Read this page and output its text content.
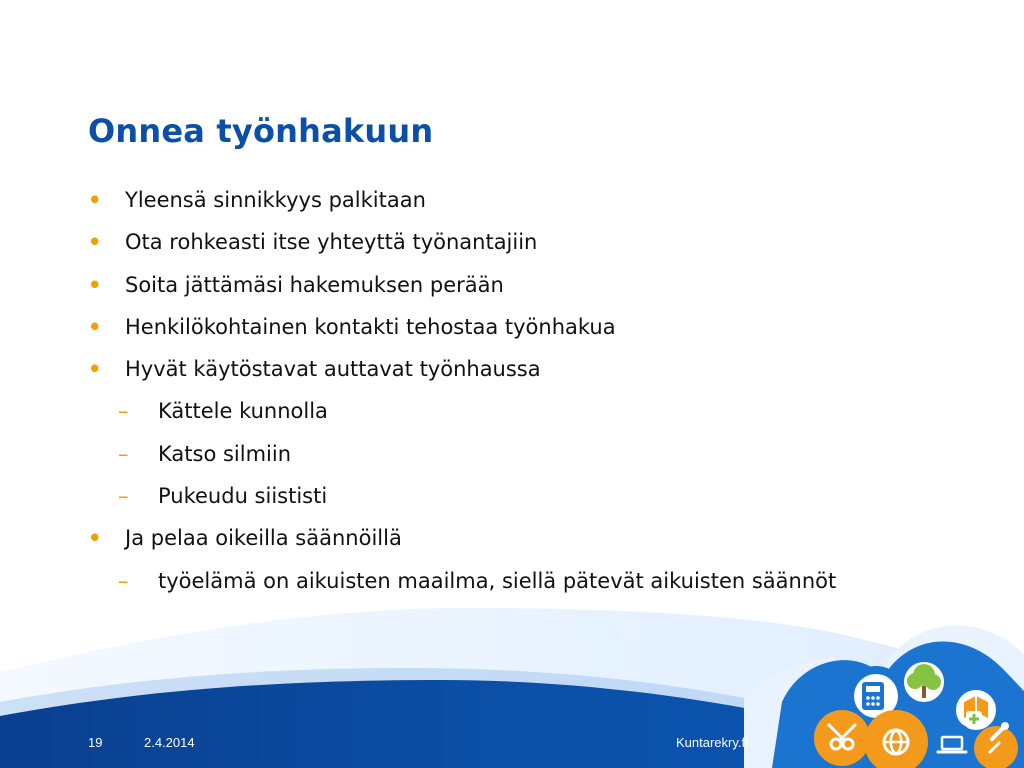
Onnea työnhakuun
• Yleensä sinnikkyys palkitaan
• Ota rohkeasti itse yhteyttä työnantajiin
• Soita jättämäsi hakemuksen perään
• Henkilökohtainen kontakti tehostaa työnhakua
• Hyvät käytöstavat auttavat työnhaussa
– Kättele kunnolla
– Katso silmiin
– Pukeudu siististi
• Ja pelaa oikeilla säännöillä
– työelämä on aikuisten maailma, siellä pätevät aikuisten säännöt
19	2.4.2014	Kuntarekry.fi
